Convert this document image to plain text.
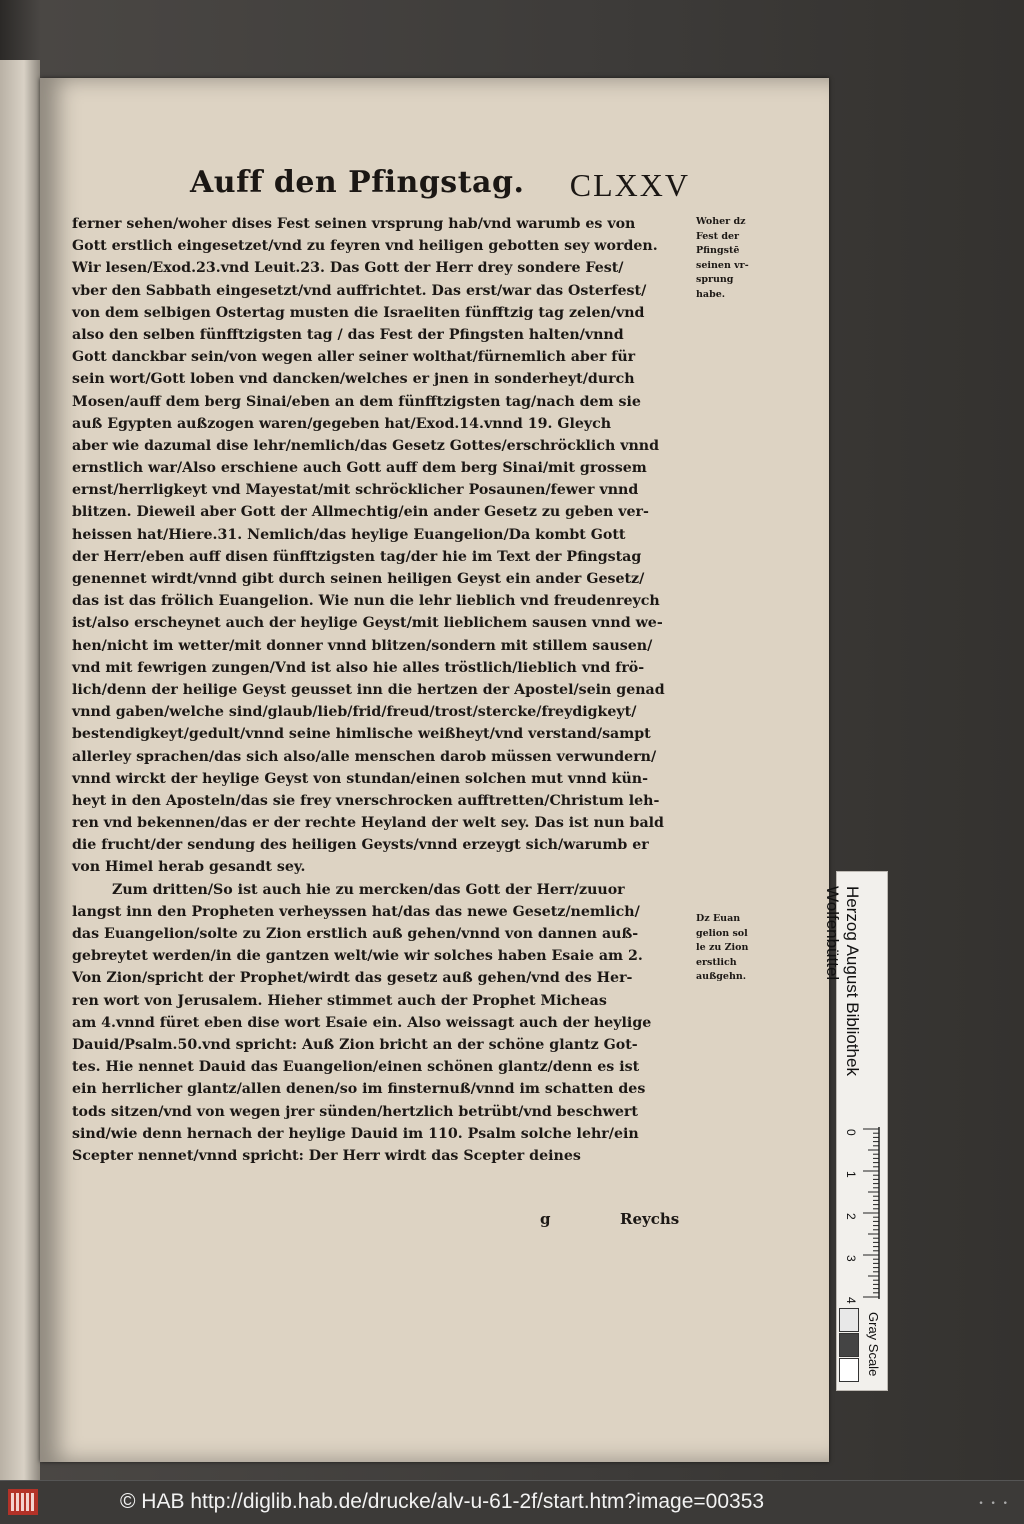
Auff den Pfingstag. CLXXV
ferner sehen/woher dises Fest seinen vrsprung hab/vnd warumb es von
Gott erstlich eingesetzet/vnd zu feyren vnd heiligen gebotten sey worden.
Wir lesen/Exod.23.vnd Leuit.23. Das Gott der Herr drey sondere Fest/
vber den Sabbath eingesetzt/vnd auffrichtet. Das erst/war das Osterfest/
von dem selbigen Ostertag musten die Israeliten fünfftzig tag zelen/vnd
also den selben fünfftzigsten tag / das Fest der Pfingsten halten/vnnd
Gott danckbar sein/von wegen aller seiner wolthat/fürnemlich aber für
sein wort/Gott loben vnd dancken/welches er jnen in sonderheyt/durch
Mosen/auff dem berg Sinai/eben an dem fünfftzigsten tag/nach dem sie
auß Egypten außzogen waren/gegeben hat/Exod.14.vnnd 19. Gleych
aber wie dazumal dise lehr/nemlich/das Gesetz Gottes/erschröcklich vnnd
ernstlich war/Also erschiene auch Gott auff dem berg Sinai/mit grossem
ernst/herrligkeyt vnd Mayestat/mit schröcklicher Posaunen/fewer vnnd
blitzen. Dieweil aber Gott der Allmechtig/ein ander Gesetz zu geben ver-
heissen hat/Hiere.31. Nemlich/das heylige Euangelion/Da kombt Gott
der Herr/eben auff disen fünfftzigsten tag/der hie im Text der Pfingstag
genennet wirdt/vnnd gibt durch seinen heiligen Geyst ein ander Gesetz/
das ist das frölich Euangelion. Wie nun die lehr lieblich vnd freudenreych
ist/also erscheynet auch der heylige Geyst/mit lieblichem sausen vnnd we-
hen/nicht im wetter/mit donner vnnd blitzen/sondern mit stillem sausen/
vnd mit fewrigen zungen/Vnd ist also hie alles tröstlich/lieblich vnd frö-
lich/denn der heilige Geyst geusset inn die hertzen der Apostel/sein genad
vnnd gaben/welche sind/glaub/lieb/frid/freud/trost/stercke/freydigkeyt/
bestendigkeyt/gedult/vnnd seine himlische weißheyt/vnd verstand/sampt
allerley sprachen/das sich also/alle menschen darob müssen verwundern/
vnnd wirckt der heylige Geyst von stundan/einen solchen mut vnnd kün-
heyt in den Aposteln/das sie frey vnerschrocken aufftretten/Christum leh-
ren vnd bekennen/das er der rechte Heyland der welt sey. Das ist nun bald
die frucht/der sendung des heiligen Geysts/vnnd erzeygt sich/warumb er
von Himel herab gesandt sey.
Zum dritten/So ist auch hie zu mercken/das Gott der Herr/zuuor
langst inn den Propheten verheyssen hat/das das newe Gesetz/nemlich/
das Euangelion/solte zu Zion erstlich auß gehen/vnnd von dannen auß-
gebreytet werden/in die gantzen welt/wie wir solches haben Esaie am 2.
Von Zion/spricht der Prophet/wirdt das gesetz auß gehen/vnd des Her-
ren wort von Jerusalem. Hieher stimmet auch der Prophet Micheas
am 4.vnnd füret eben dise wort Esaie ein. Also weissagt auch der heylige
Dauid/Psalm.50.vnd spricht: Auß Zion bricht an der schöne glantz Got-
tes. Hie nennet Dauid das Euangelion/einen schönen glantz/denn es ist
ein herrlicher glantz/allen denen/so im finsternuß/vnnd im schatten des
tods sitzen/vnd von wegen jrer sünden/hertzlich betrübt/vnd beschwert
sind/wie denn hernach der heylige Dauid im 110. Psalm solche lehr/ein
Scepter nennet/vnnd spricht: Der Herr wirdt das Scepter deines
Woher dz
Fest der
Pfingstē
seinen vr-
sprung
habe.
Dz Euan
gelion sol
le zu Zion
erstlich
außgehn.
g	Reychs
Herzog August Bibliothek
Wolfenbüttel
0
1
2
3
4
Gray Scale
© HAB http://diglib.hab.de/drucke/alv-u-61-2f/start.htm?image=00353	• • •
